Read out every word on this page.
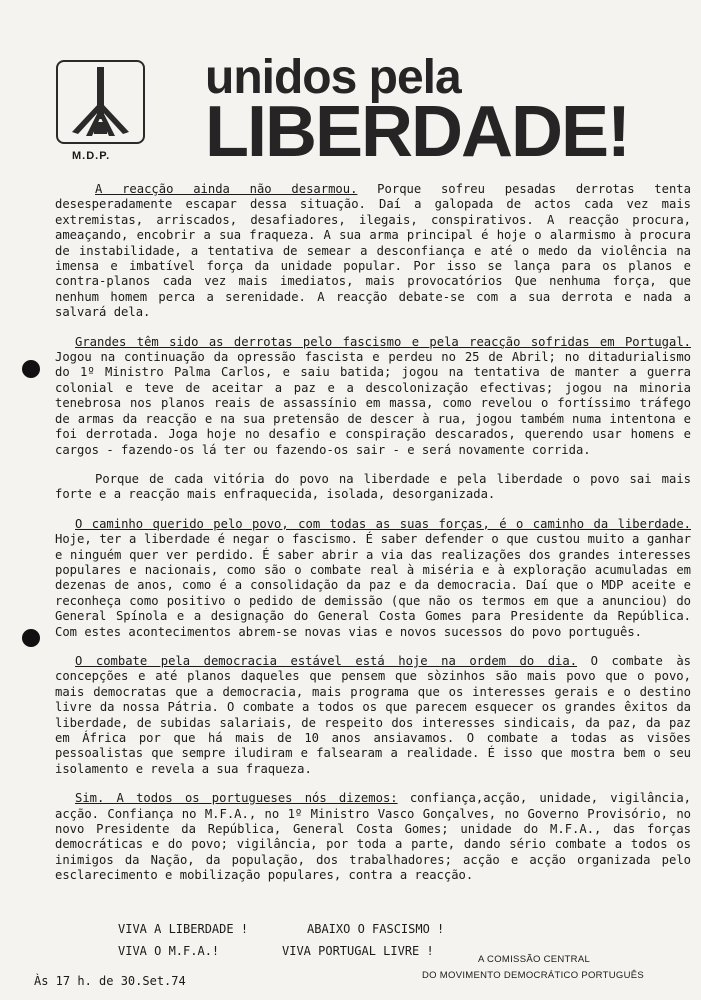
M.D.P.
unidos pela
LIBERDADE!

A reacção ainda não desarmou. Porque sofreu pesadas derrotas tenta desesperadamente escapar dessa situação. Daí a galopada de actos cada vez mais extremistas, arriscados, desafiadores, ilegais, conspirativos. A reacção procura, ameaçando, encobrir a sua fraqueza. A sua arma principal é hoje o alarmismo à procura de instabilidade, a tentativa de semear a desconfiança e até o medo da violência na imensa e imbatível força da unidade popular. Por isso se lança para os planos e contra-planos cada vez mais imediatos, mais provocatórios Que nenhuma força, que nenhum homem perca a serenidade. A reacção debate-se com a sua derrota e nada a salvará dela.

Grandes têm sido as derrotas pelo fascismo e pela reacção sofridas em Portugal. Jogou na continuação da opressão fascista e perdeu no 25 de Abril; no ditadurialismo do 1º Ministro Palma Carlos, e saiu batida; jogou na tentativa de manter a guerra colonial e teve de aceitar a paz e a descolonização efectivas; jogou na minoria tenebrosa nos planos reais de assassínio em massa, como revelou o fortíssimo tráfego de armas da reacção e na sua pretensão de descer à rua, jogou também numa intentona e foi derrotada. Joga hoje no desafio e conspiração descarados, querendo usar homens e cargos - fazendo-os lá ter ou fazendo-os sair - e será novamente corrida.

Porque de cada vitória do povo na liberdade e pela liberdade o povo sai mais forte e a reacção mais enfraquecida, isolada, desorganizada.

O caminho querido pelo povo, com todas as suas forças, é o caminho da liberdade. Hoje, ter a liberdade é negar o fascismo. É saber defender o que custou muito a ganhar e ninguém quer ver perdido. É saber abrir a via das realizações dos grandes interesses populares e nacionais, como são o combate real à miséria e à exploração acumuladas em dezenas de anos, como é a consolidação da paz e da democracia. Daí que o MDP aceite e reconheça como positivo o pedido de demissão (que não os termos em que a anunciou) do General Spínola e a designação do General Costa Gomes para Presidente da República. Com estes acontecimentos abrem-se novas vias e novos sucessos do povo português.

O combate pela democracia estável está hoje na ordem do dia. O combate às concepções e até planos daqueles que pensem que sòzinhos são mais povo que o povo, mais democratas que a democracia, mais programa que os interesses gerais e o destino livre da nossa Pátria. O combate a todos os que parecem esquecer os grandes êxitos da liberdade, de subidas salariais, de respeito dos interesses sindicais, da paz, da paz em África por que há mais de 10 anos ansiavamos. O combate a todas as visões pessoalistas que sempre iludiram e falsearam a realidade. É isso que mostra bem o seu isolamento e revela a sua fraqueza.

Sim. A todos os portugueses nós dizemos: confiança,acção, unidade, vigilância, acção. Confiança no M.F.A., no 1º Ministro Vasco Gonçalves, no Governo Provisório, no novo Presidente da República, General Costa Gomes; unidade do M.F.A., das forças democráticas e do povo; vigilância, por toda a parte, dando sério combate a todos os inimigos da Nação, da população, dos trabalhadores; acção e acção organizada pelo esclarecimento e mobilização populares, contra a reacção.

VIVA A LIBERDADE !	ABAIXO O FASCISMO !
VIVA O M.F.A.!	VIVA PORTUGAL LIVRE !
A COMISSÃO CENTRAL
DO MOVIMENTO DEMOCRÁTICO PORTUGUÊS
Às 17 h. de 30.Set.74
